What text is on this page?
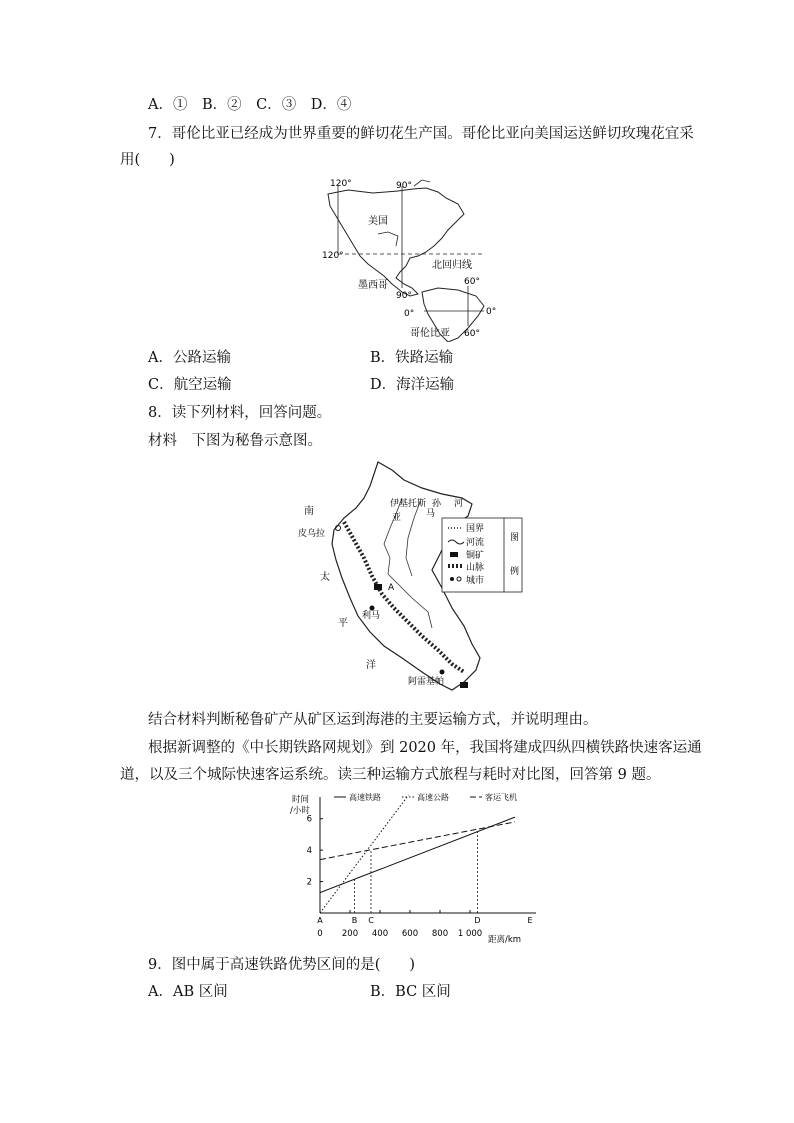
A．①　B．②　C．③　D．④
7．哥伦比亚已经成为世界重要的鲜切花生产国。哥伦比亚向美国运送鲜切玫瑰花宜采
用(　　)
120°	90°
美国
120°
北回归线
墨西哥
90°
60°
0°	0°
哥伦比亚 60°
A．公路运输	B．铁路运输
C．航空运输	D．海洋运输
8．读下列材料，回答问题。
材料　下图为秘鲁示意图。
国界
河流
铜矿
山脉
城市
图 例
南
皮乌拉
太
平
洋
利马
阿雷基帕
伊基托斯	河
亚	马
孙
A
结合材料判断秘鲁矿产从矿区运到海港的主要运输方式，并说明理由。
根据新调整的《中长期铁路网规划》到 2020 年，我国将建成四纵四横铁路快速客运通
道，以及三个城际快速客运系统。读三种运输方式旅程与耗时对比图，回答第 9 题。
2
4
6
0 200 400 600 800 1 000
A	B C	D	E
高速铁路	高速公路	客运飞机
时间
/小时
距离/km
9．图中属于高速铁路优势区间的是(　　)
A．AB 区间	B．BC 区间
